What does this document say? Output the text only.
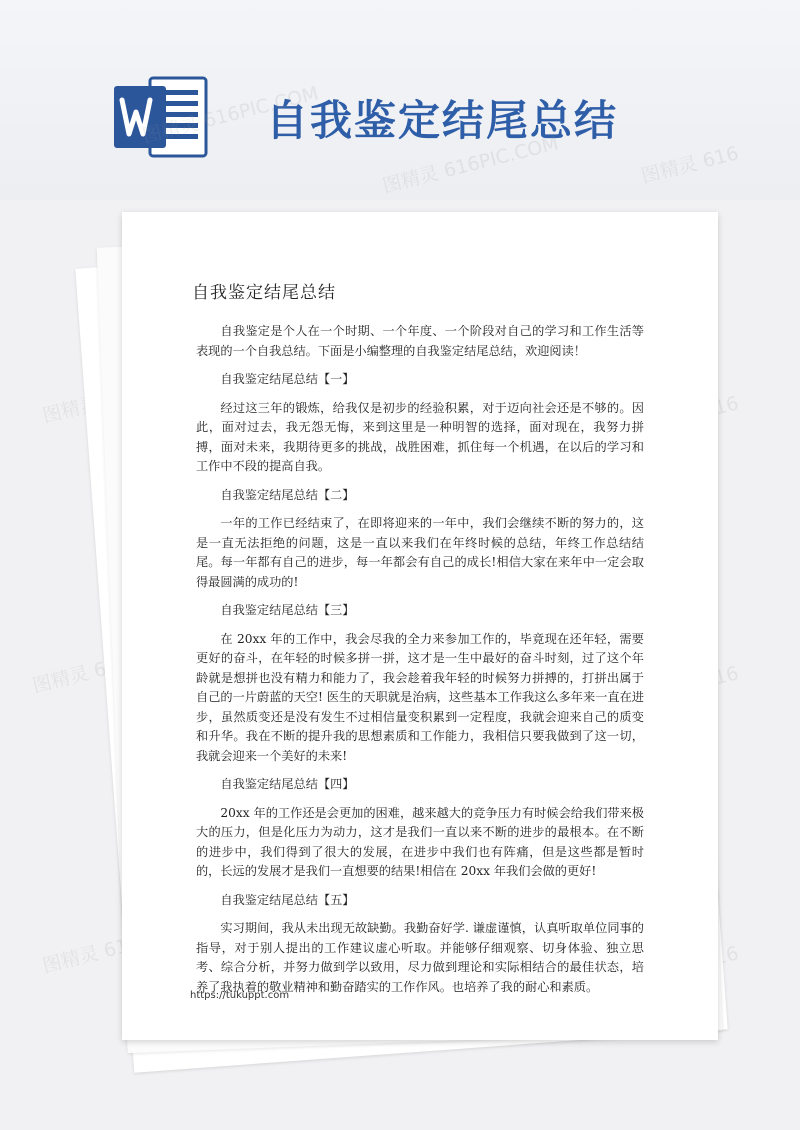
自我鉴定结尾总结
图精灵	616
图精灵	616
图精灵
自我鉴定结尾总结

自我鉴定是个人在一个时期、一个年度、一个阶段对自己的学习和工作生活等表现的一个自我总结。下面是小编整理的自我鉴定结尾总结，欢迎阅读！

自我鉴定结尾总结【一】

经过这三年的锻炼，给我仅是初步的经验积累，对于迈向社会还是不够的。因此，面对过去，我无怨无悔，来到这里是一种明智的选择，面对现在，我努力拼搏，面对未来，我期待更多的挑战，战胜困难，抓住每一个机遇，在以后的学习和工作中不段的提高自我。

自我鉴定结尾总结【二】

一年的工作已经结束了，在即将迎来的一年中，我们会继续不断的努力的，这是一直无法拒绝的问题，这是一直以来我们在年终时候的总结，年终工作总结结尾。每一年都有自己的进步，每一年都会有自己的成长!相信大家在来年中一定会取得最圆满的成功的!

自我鉴定结尾总结【三】

在 20xx 年的工作中，我会尽我的全力来参加工作的，毕竟现在还年轻，需要更好的奋斗，在年轻的时候多拼一拼，这才是一生中最好的奋斗时刻，过了这个年龄就是想拼也没有精力和能力了，我会趁着我年轻的时候努力拼搏的，打拼出属于自己的一片蔚蓝的天空! 医生的天职就是治病，这些基本工作我这么多年来一直在进步，虽然质变还是没有发生不过相信量变积累到一定程度，我就会迎来自己的质变和升华。我在不断的提升我的思想素质和工作能力，我相信只要我做到了这一切，我就会迎来一个美好的未来!

自我鉴定结尾总结【四】

20xx 年的工作还是会更加的困难，越来越大的竞争压力有时候会给我们带来极大的压力，但是化压力为动力，这才是我们一直以来不断的进步的最根本。在不断的进步中，我们得到了很大的发展，在进步中我们也有阵痛，但是这些都是暂时的，长远的发展才是我们一直想要的结果!相信在 20xx 年我们会做的更好!

自我鉴定结尾总结【五】

实习期间，我从未出现无故缺勤。我勤奋好学. 谦虚谨慎，认真听取单位同事的指导，对于别人提出的工作建议虚心听取。并能够仔细观察、切身体验、独立思考、综合分析，并努力做到学以致用，尽力做到理论和实际相结合的最佳状态，培养了我执着的敬业精神和勤奋踏实的工作作风。也培养了我的耐心和素质。

https://tukuppt.com
